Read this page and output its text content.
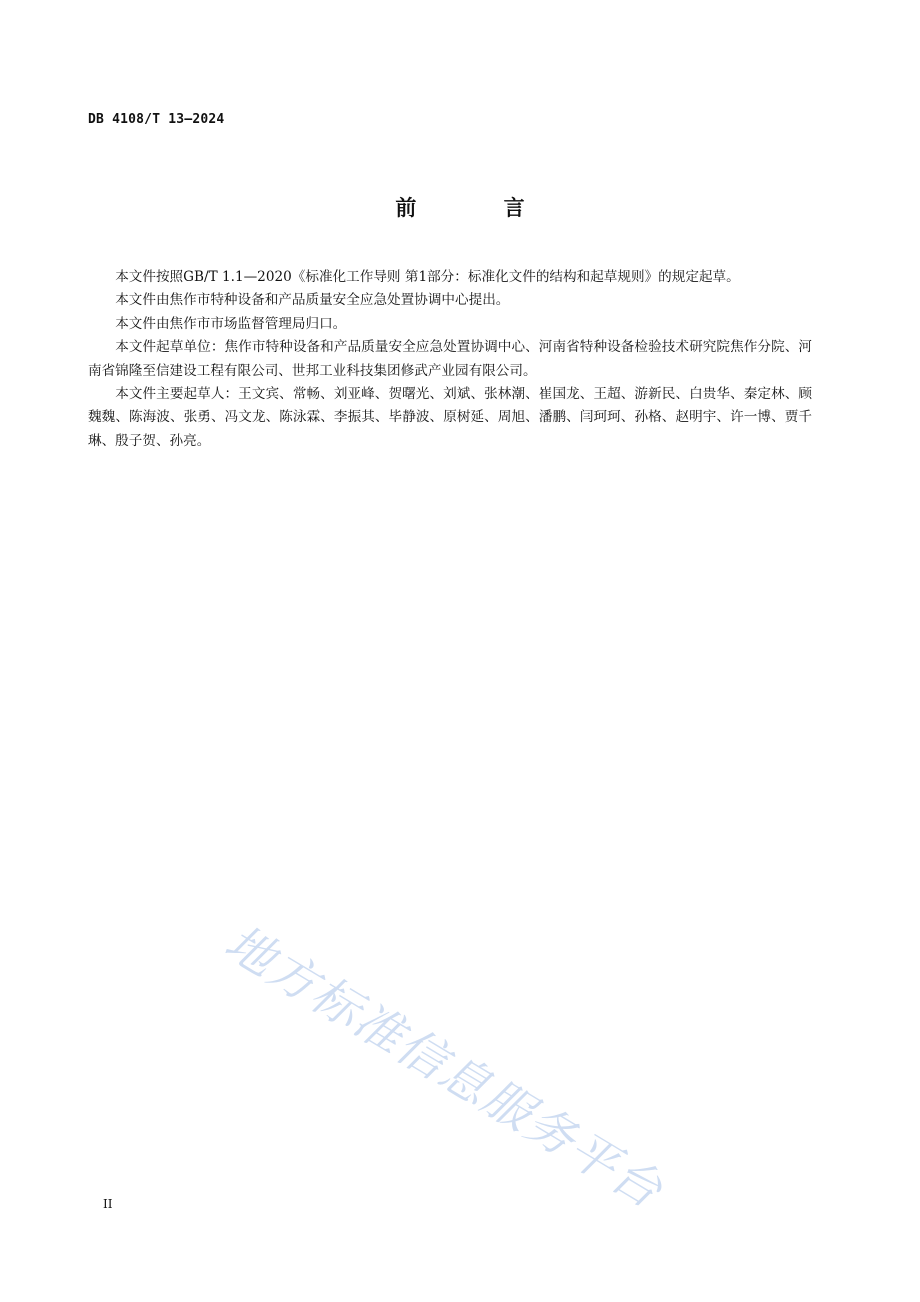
DB 4108/T 13—2024
前 言

本文件按照GB/T 1.1—2020《标准化工作导则 第1部分：标准化文件的结构和起草规则》的规定起草。

本文件由焦作市特种设备和产品质量安全应急处置协调中心提出。

本文件由焦作市市场监督管理局归口。

本文件起草单位：焦作市特种设备和产品质量安全应急处置协调中心、河南省特种设备检验技术研究院焦作分院、河南省锦隆至信建设工程有限公司、世邦工业科技集团修武产业园有限公司。

本文件主要起草人：王文宾、常畅、刘亚峰、贺曙光、刘斌、张林潮、崔国龙、王超、游新民、白贵华、秦定林、顾魏魏、陈海波、张勇、冯文龙、陈泳霖、李振其、毕静波、原树延、周旭、潘鹏、闫珂珂、孙格、赵明宇、许一博、贾千琳、殷子贺、孙亮。

地方标准信息服务平台
II
